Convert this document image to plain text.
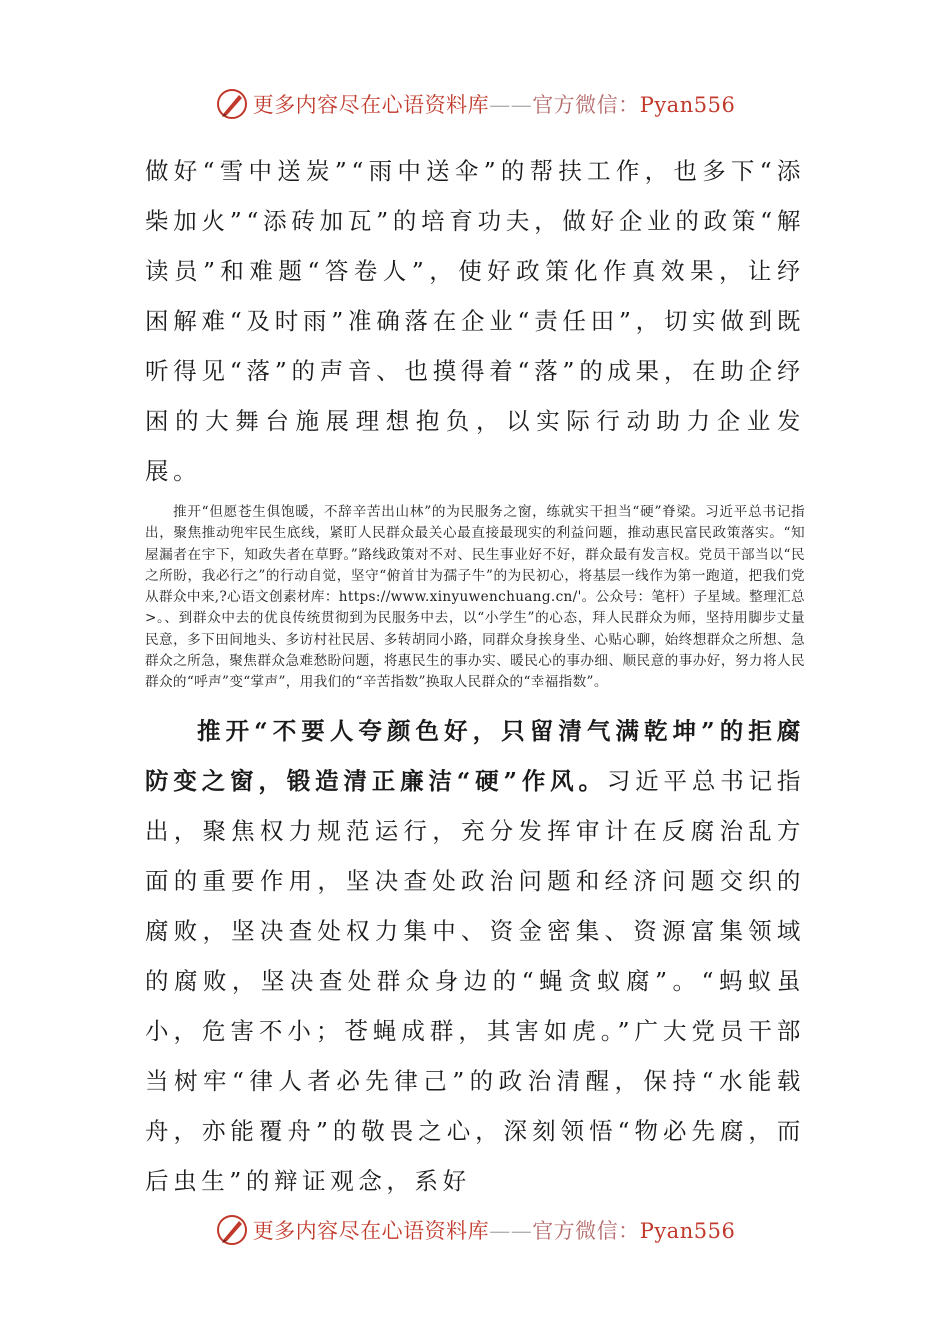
更多内容尽在心语资料库——官方微信：Pyan556

做好“雪中送炭”“雨中送伞”的帮扶工作，也多下“添柴加火”“添砖加瓦”的培育功夫，做好企业的政策“解读员”和难题“答卷人”，使好政策化作真效果，让纾困解难“及时雨”准确落在企业“责任田”，切实做到既听得见“落”的声音、也摸得着“落”的成果，在助企纾困的大舞台施展理想抱负，以实际行动助力企业发展。

推开“但愿苍生俱饱暖，不辞辛苦出山林”的为民服务之窗，练就实干担当“硬”脊梁。习近平总书记指出，聚焦推动兜牢民生底线，紧盯人民群众最关心最直接最现实的利益问题，推动惠民富民政策落实。“知屋漏者在宇下，知政失者在草野。”路线政策对不对、民生事业好不好，群众最有发言权。党员干部当以“民之所盼，我必行之”的行动自觉，坚守“俯首甘为孺子牛”的为民初心，将基层一线作为第一跑道，把我们党从群众中来,?心语文创素材库：https://www.xinyuwenchuang.cn/'。公众号：笔杆）子星域。整理汇总>。、到群众中去的优良传统贯彻到为民服务中去，以“小学生”的心态，拜人民群众为师，坚持用脚步丈量民意，多下田间地头、多访村社民居、多转胡同小路，同群众身挨身坐、心贴心聊，始终想群众之所想、急群众之所急，聚焦群众急难愁盼问题，将惠民生的事办实、暖民心的事办细、顺民意的事办好，努力将人民群众的“呼声”变“掌声”，用我们的“辛苦指数”换取人民群众的“幸福指数”。

推开“不要人夸颜色好，只留清气满乾坤”的拒腐防变之窗，锻造清正廉洁“硬”作风。习近平总书记指出，聚焦权力规范运行，充分发挥审计在反腐治乱方面的重要作用，坚决查处政治问题和经济问题交织的腐败，坚决查处权力集中、资金密集、资源富集领域的腐败，坚决查处群众身边的“蝇贪蚁腐”。“蚂蚁虽小，危害不小；苍蝇成群，其害如虎。”广大党员干部当树牢“律人者必先律己”的政治清醒，保持“水能载舟，亦能覆舟”的敬畏之心，深刻领悟“物必先腐，而后虫生”的辩证观念，系好

更多内容尽在心语资料库——官方微信：Pyan556
